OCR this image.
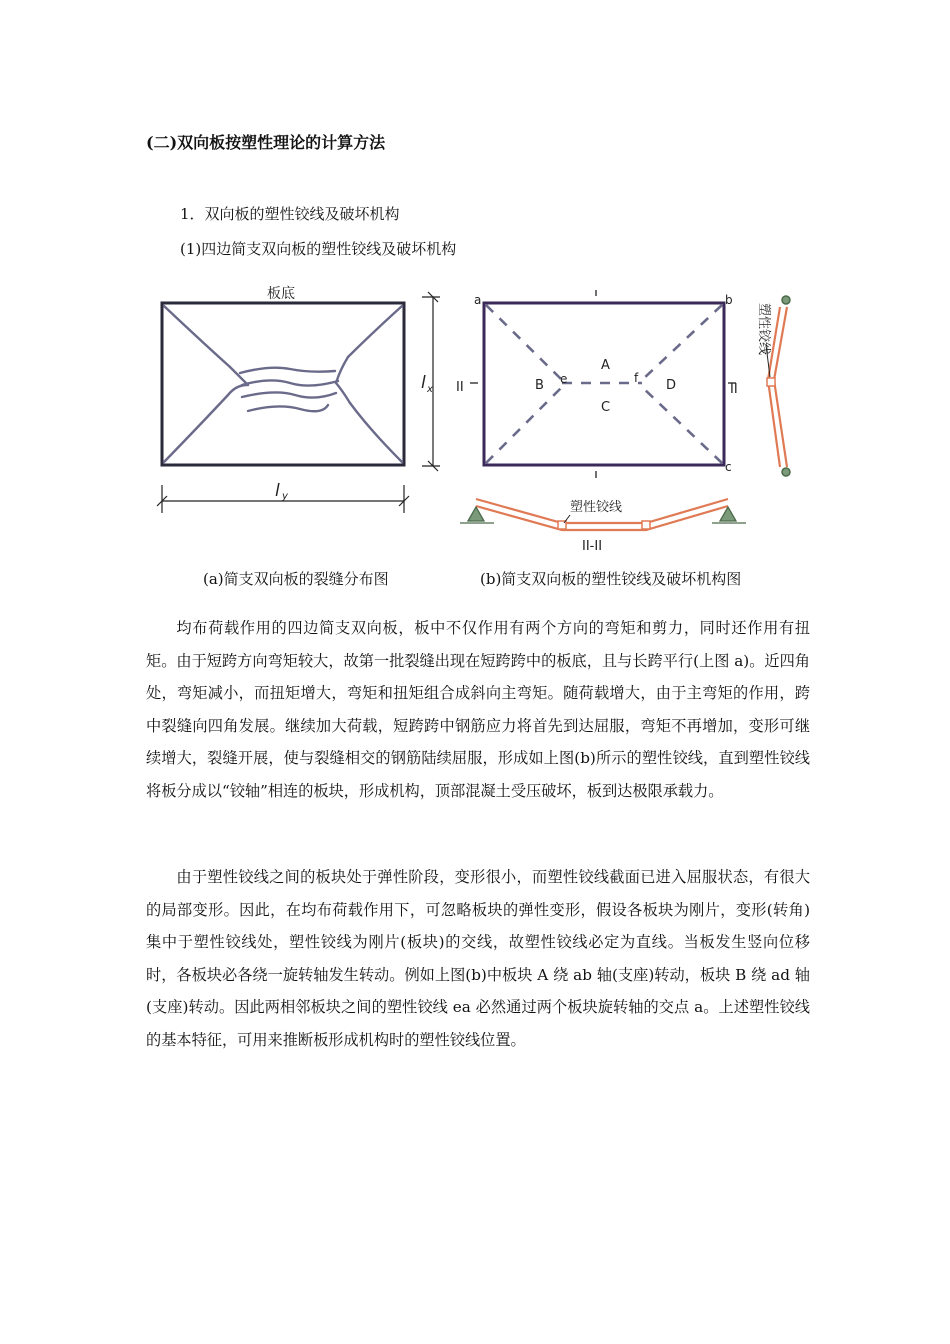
(二)双向板按塑性理论的计算方法

1．双向板的塑性铰线及破坏机构

(1)四边简支双向板的塑性铰线及破坏机构

板底
l x
l y
a	b
c
e	f
A
B
C
D
II	II
塑性铰线
塑性铰线
II-II

(a)简支双向板的裂缝分布图	(b)简支双向板的塑性铰线及破坏机构图

均布荷载作用的四边简支双向板，板中不仅作用有两个方向的弯矩和剪力，同时还作用有扭矩。由于短跨方向弯矩较大，故第一批裂缝出现在短跨跨中的板底，且与长跨平行(上图 a)。近四角处，弯矩减小，而扭矩增大，弯矩和扭矩组合成斜向主弯矩。随荷载增大，由于主弯矩的作用，跨中裂缝向四角发展。继续加大荷载，短跨跨中钢筋应力将首先到达屈服，弯矩不再增加，变形可继续增大，裂缝开展，使与裂缝相交的钢筋陆续屈服，形成如上图(b)所示的塑性铰线，直到塑性铰线将板分成以“铰轴”相连的板块，形成机构，顶部混凝土受压破坏，板到达极限承载力。

由于塑性铰线之间的板块处于弹性阶段，变形很小，而塑性铰线截面已进入屈服状态，有很大的局部变形。因此，在均布荷载作用下，可忽略板块的弹性变形，假设各板块为刚片，变形(转角)集中于塑性铰线处，塑性铰线为刚片(板块)的交线，故塑性铰线必定为直线。当板发生竖向位移时，各板块必各绕一旋转轴发生转动。例如上图(b)中板块 A 绕 ab 轴(支座)转动，板块 B 绕 ad 轴(支座)转动。因此两相邻板块之间的塑性铰线 ea 必然通过两个板块旋转轴的交点 a。上述塑性铰线的基本特征，可用来推断板形成机构时的塑性铰线位置。
